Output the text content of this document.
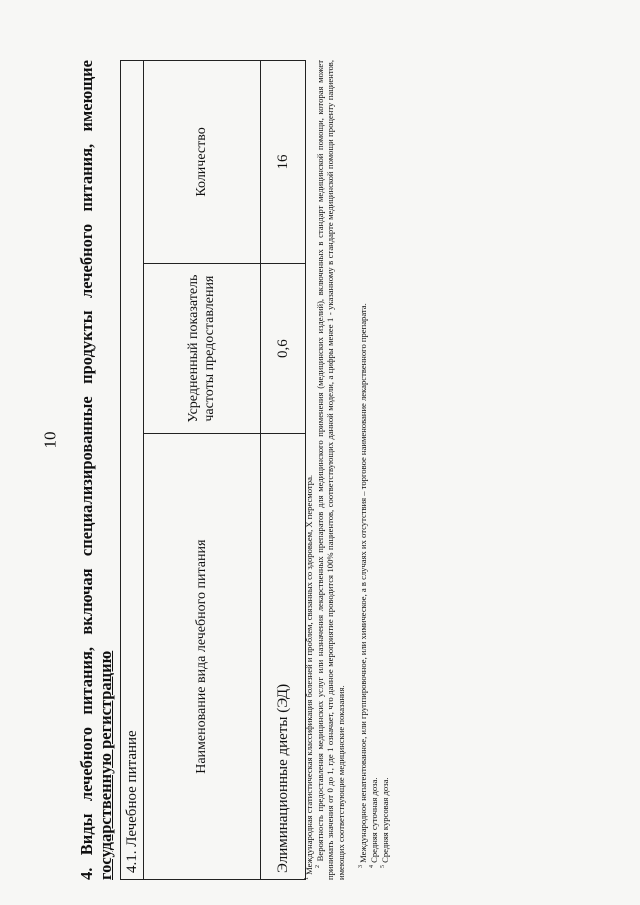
10 4. Виды лечебного питания, включая специализированные продукты лечебного питания, имеющие государственную регистрацию 4.1. Лечебное питание		
Наименование вида лечебного питания	Усредненный показатель частоты предоставления	Количество
Элиминационные диеты (ЭД)	0,6	16
$^1$ Международная статистическая классификация болезней и проблем, связанных со здоровьем, X пересмотра. $^2$ Вероятность предоставления медицинских услуг или назначения лекарственных препаратов для медицинского применения (медицинских изделий), включенных в стандарт медицинской помощи, которая может принимать значения от 0 до 1, где 1 означает, что данное мероприятие проводится 100% пациентов, соответствующих данной модели, а цифры менее 1 - указанному в стандарте медицинской помощи проценту пациентов, имеющих соответствующие медицинские показания.	$^3$ Международное непатентованное, или группировочное, или химическое, а в случаях их отсутствия – торговое наименование лекарственного препарата.
$^4$ Средняя суточная доза.
$^5$ Средняя курсовая доза.
